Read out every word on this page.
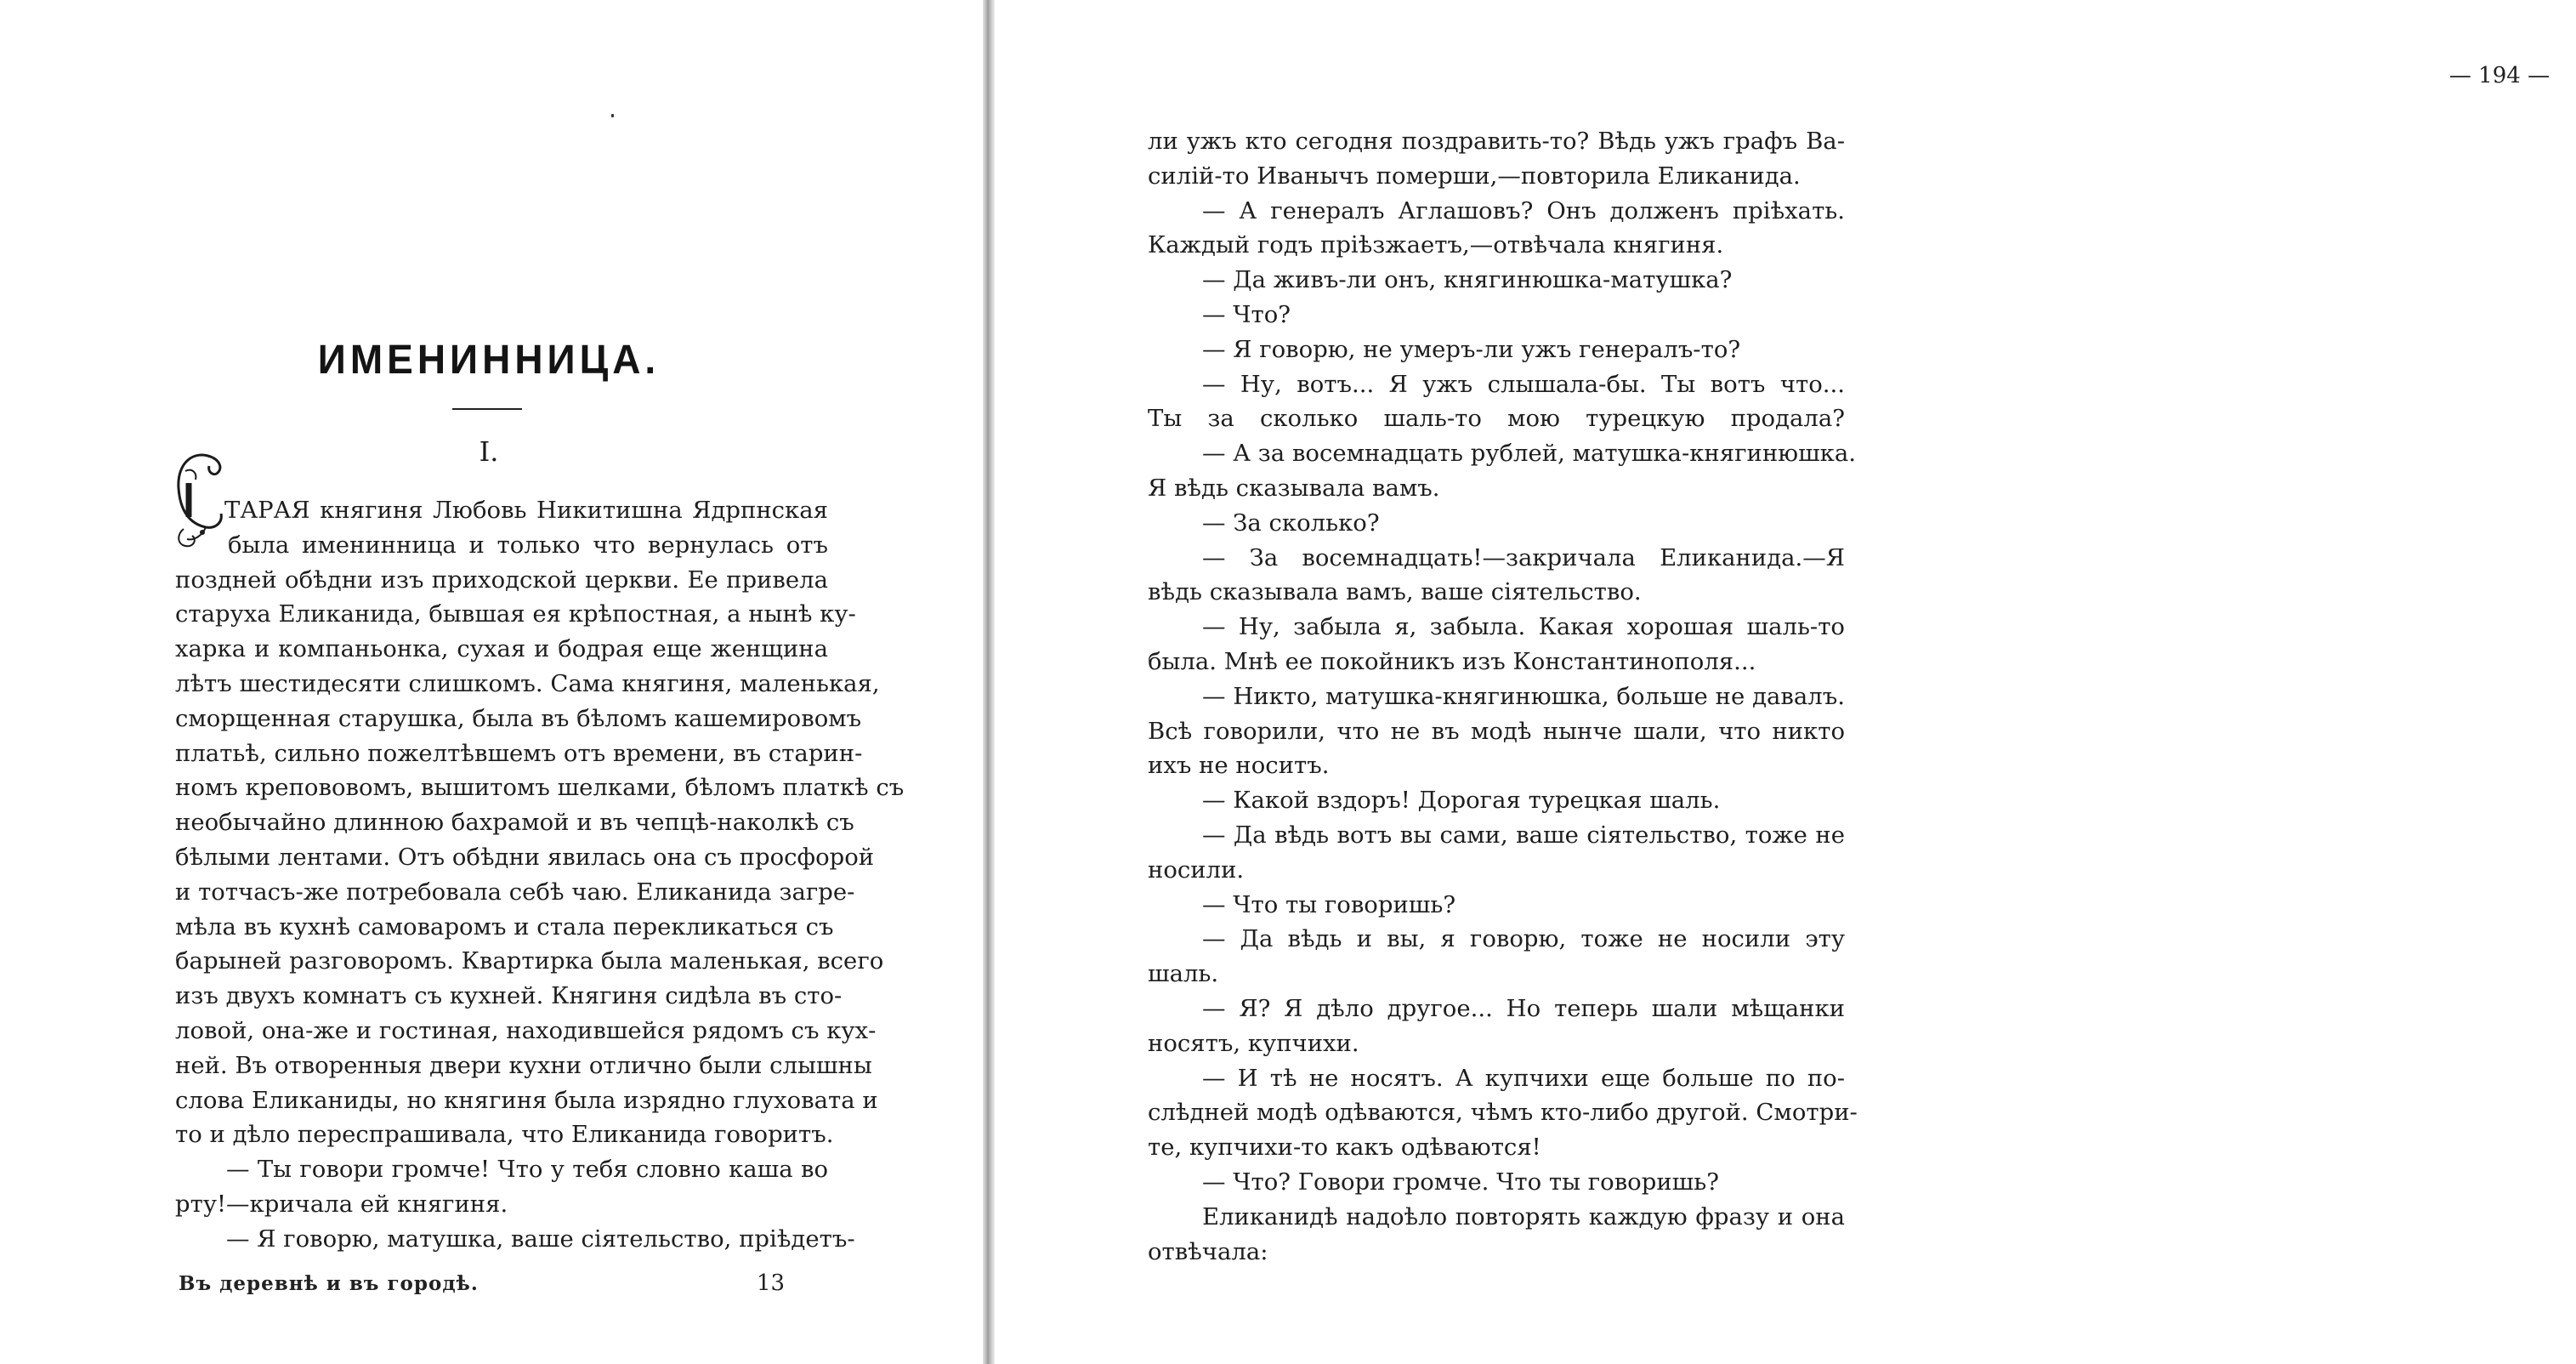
ИМЕНИННИЦА.
I.
ТАРАЯ княгиня Любовь Никитишна Ядрпнская
была именинница и только что вернулась отъ
поздней обѣдни изъ приходской церкви. Ее привела
старуха Еликанида, бывшая ея крѣпостная, а нынѣ ку-
харка и компаньонка, сухая и бодрая еще женщина
лѣтъ шестидесяти слишкомъ. Сама княгиня, маленькая,
сморщенная старушка, была въ бѣломъ кашемировомъ
платьѣ, сильно пожелтѣвшемъ отъ времени, въ старин-
номъ крепововомъ, вышитомъ шелками, бѣломъ платкѣ съ
необычайно длинною бахрамой и въ чепцѣ-наколкѣ съ
бѣлыми лентами. Отъ обѣдни явилась она съ просфорой
и тотчасъ-же потребовала себѣ чаю. Еликанида загре-
мѣла въ кухнѣ самоваромъ и стала перекликаться съ
барыней разговоромъ. Квартирка была маленькая, всего
изъ двухъ комнатъ съ кухней. Княгиня сидѣла въ сто-
ловой, она-же и гостиная, находившейся рядомъ съ кух-
ней. Въ отворенныя двери кухни отлично были слышны
слова Еликаниды, но княгиня была изрядно глуховата и
то и дѣло переспрашивала, что Еликанида говоритъ.
— Ты говори громче! Что у тебя словно каша во
рту!—кричала ей княгиня.
— Я говорю, матушка, ваше сіятельство, пріѣдетъ-
Въ деревнѣ и въ городѣ.	13
— 194 —
ли ужъ кто сегодня поздравить-то? Вѣдь ужъ графъ Ва-
силій-то Иванычъ померши,—повторила Еликанида.
— А генералъ Аглашовъ? Онъ долженъ пріѣхать.
Каждый годъ пріѣзжаетъ,—отвѣчала княгиня.
— Да живъ-ли онъ, княгинюшка-матушка?
— Что?
— Я говорю, не умеръ-ли ужъ генералъ-то?
— Ну, вотъ... Я ужъ слышала-бы. Ты вотъ что...
Ты за сколько шаль-то мою турецкую продала?
— А за восемнадцать рублей, матушка-княгинюшка.
Я вѣдь сказывала вамъ.
— За сколько?
— За восемнадцать!—закричала Еликанида.—Я
вѣдь сказывала вамъ, ваше сіятельство.
— Ну, забыла я, забыла. Какая хорошая шаль-то
была. Мнѣ ее покойникъ изъ Константинополя...
— Никто, матушка-княгинюшка, больше не давалъ.
Всѣ говорили, что не въ модѣ нынче шали, что никто
ихъ не носитъ.
— Какой вздоръ! Дорогая турецкая шаль.
— Да вѣдь вотъ вы сами, ваше сіятельство, тоже не
носили.
— Что ты говоришь?
— Да вѣдь и вы, я говорю, тоже не носили эту
шаль.
— Я? Я дѣло другое... Но теперь шали мѣщанки
носятъ, купчихи.
— И тѣ не носятъ. А купчихи еще больше по по-
слѣдней модѣ одѣваются, чѣмъ кто-либо другой. Смотри-
те, купчихи-то какъ одѣваются!
— Что? Говори громче. Что ты говоришь?
Еликанидѣ надоѣло повторять каждую фразу и она
отвѣчала:
